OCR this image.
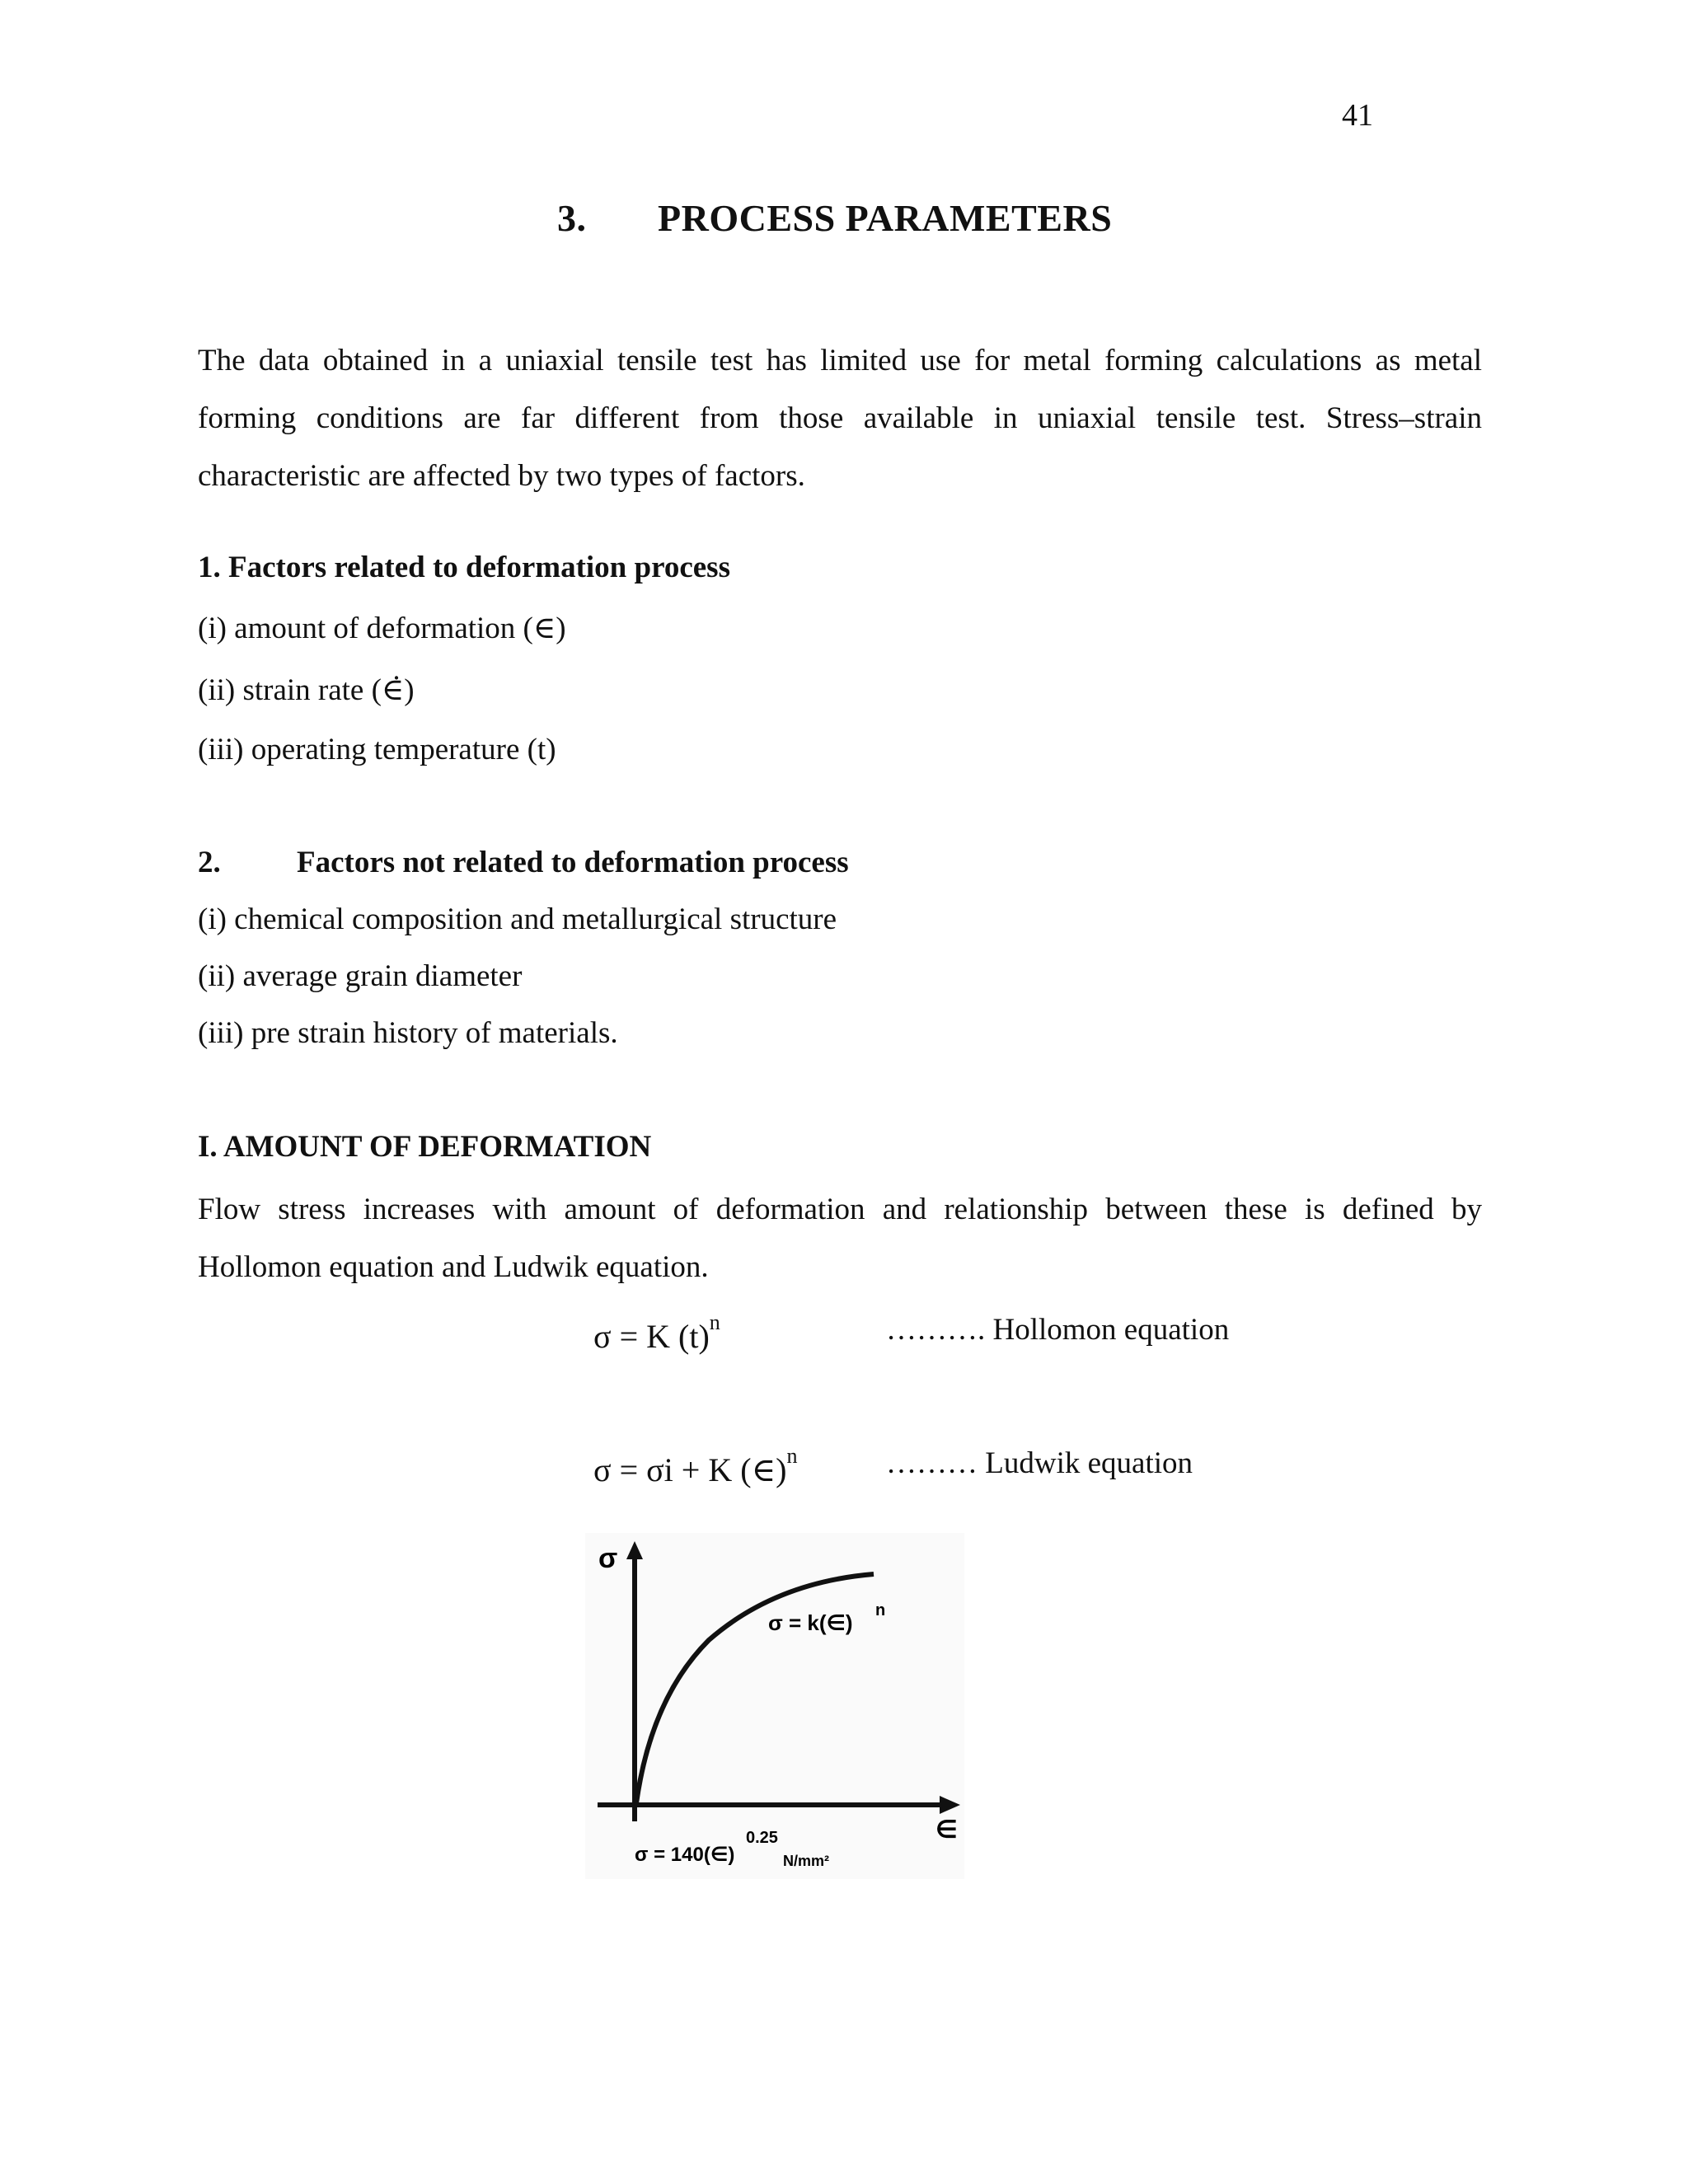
41
3. PROCESS PARAMETERS

The data obtained in a uniaxial tensile test has limited use for metal forming calculations as metal forming conditions are far different from those available in uniaxial tensile test. Stress–strain characteristic are affected by two types of factors.

1. Factors related to deformation process
(i) amount of deformation (∈)
(ii) strain rate (∈̇)
(iii) operating temperature (t)
2. Factors not related to deformation process
(i) chemical composition and metallurgical structure
(ii) average grain diameter
(iii) pre strain history of materials.
I. AMOUNT OF DEFORMATION

Flow stress increases with amount of deformation and relationship between these is defined by Hollomon equation and Ludwik equation.

σ = K $(t)^n$	………. Hollomon equation
σ = σi + K (∈)$^n$	……… Ludwik equation
σ
∈
σ = k(∈) n
σ = 140(∈)
0.25
N/mm²
